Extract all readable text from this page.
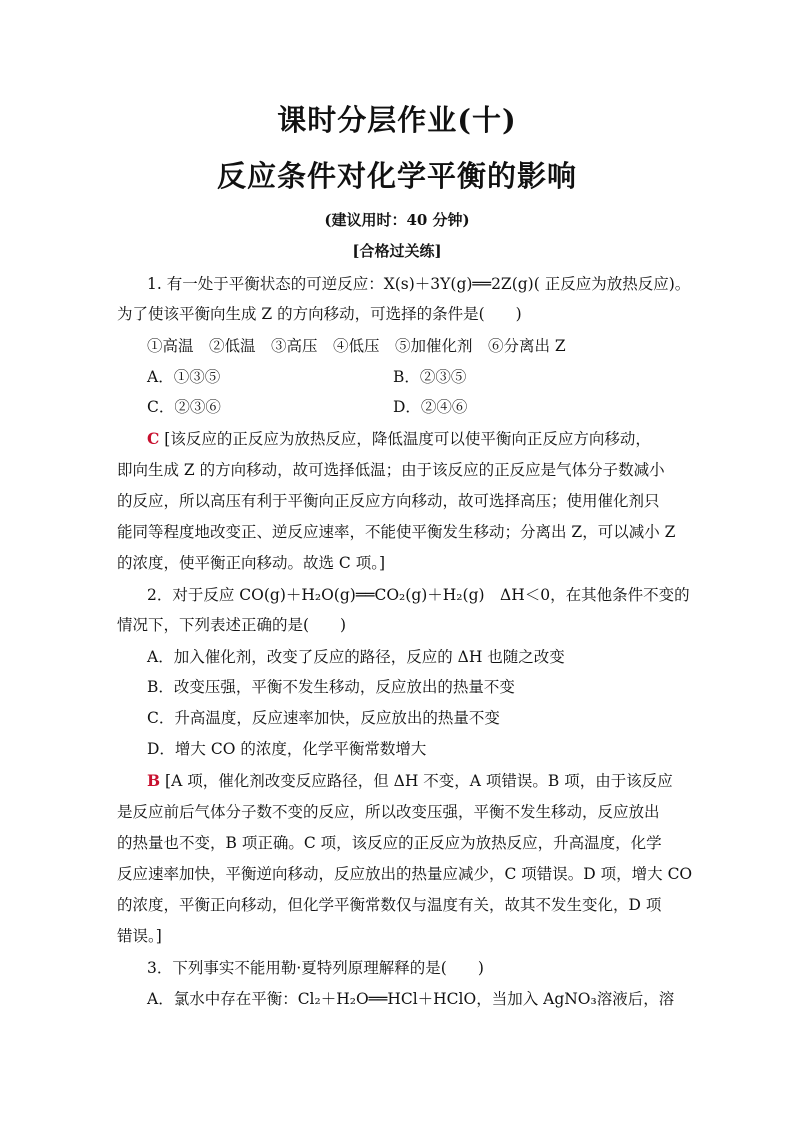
课时分层作业(十)
反应条件对化学平衡的影响
(建议用时：40 分钟)
[合格过关练]
1. 有一处于平衡状态的可逆反应：X(s)＋3Y(g)══2Z(g)( 正反应为放热反应)。
为了使该平衡向生成 Z 的方向移动，可选择的条件是(　　)
①高温　②低温　③高压　④低压　⑤加催化剂　⑥分离出 Z
A．①③⑤	B．②③⑤
C．②③⑥	D．②④⑥
C [该反应的正反应为放热反应，降低温度可以使平衡向正反应方向移动，
即向生成 Z 的方向移动，故可选择低温；由于该反应的正反应是气体分子数减小
的反应，所以高压有利于平衡向正反应方向移动，故可选择高压；使用催化剂只
能同等程度地改变正、逆反应速率，不能使平衡发生移动；分离出 Z，可以减小 Z
的浓度，使平衡正向移动。故选 C 项。]
2．对于反应 CO(g)＋H₂O(g)══CO₂(g)＋H₂(g)　ΔH＜0，在其他条件不变的
情况下，下列表述正确的是(　　)
A．加入催化剂，改变了反应的路径，反应的 ΔH 也随之改变
B．改变压强，平衡不发生移动，反应放出的热量不变
C．升高温度，反应速率加快，反应放出的热量不变
D．增大 CO 的浓度，化学平衡常数增大
B [A 项，催化剂改变反应路径，但 ΔH 不变，A 项错误。B 项，由于该反应
是反应前后气体分子数不变的反应，所以改变压强，平衡不发生移动，反应放出
的热量也不变，B 项正确。C 项，该反应的正反应为放热反应，升高温度，化学
反应速率加快，平衡逆向移动，反应放出的热量应减少，C 项错误。D 项，增大 CO
的浓度，平衡正向移动，但化学平衡常数仅与温度有关，故其不发生变化，D 项
错误。]
3．下列事实不能用勒·夏特列原理解释的是(　　)
A．氯水中存在平衡：Cl₂＋H₂O══HCl＋HClO，当加入 AgNO₃溶液后，溶
